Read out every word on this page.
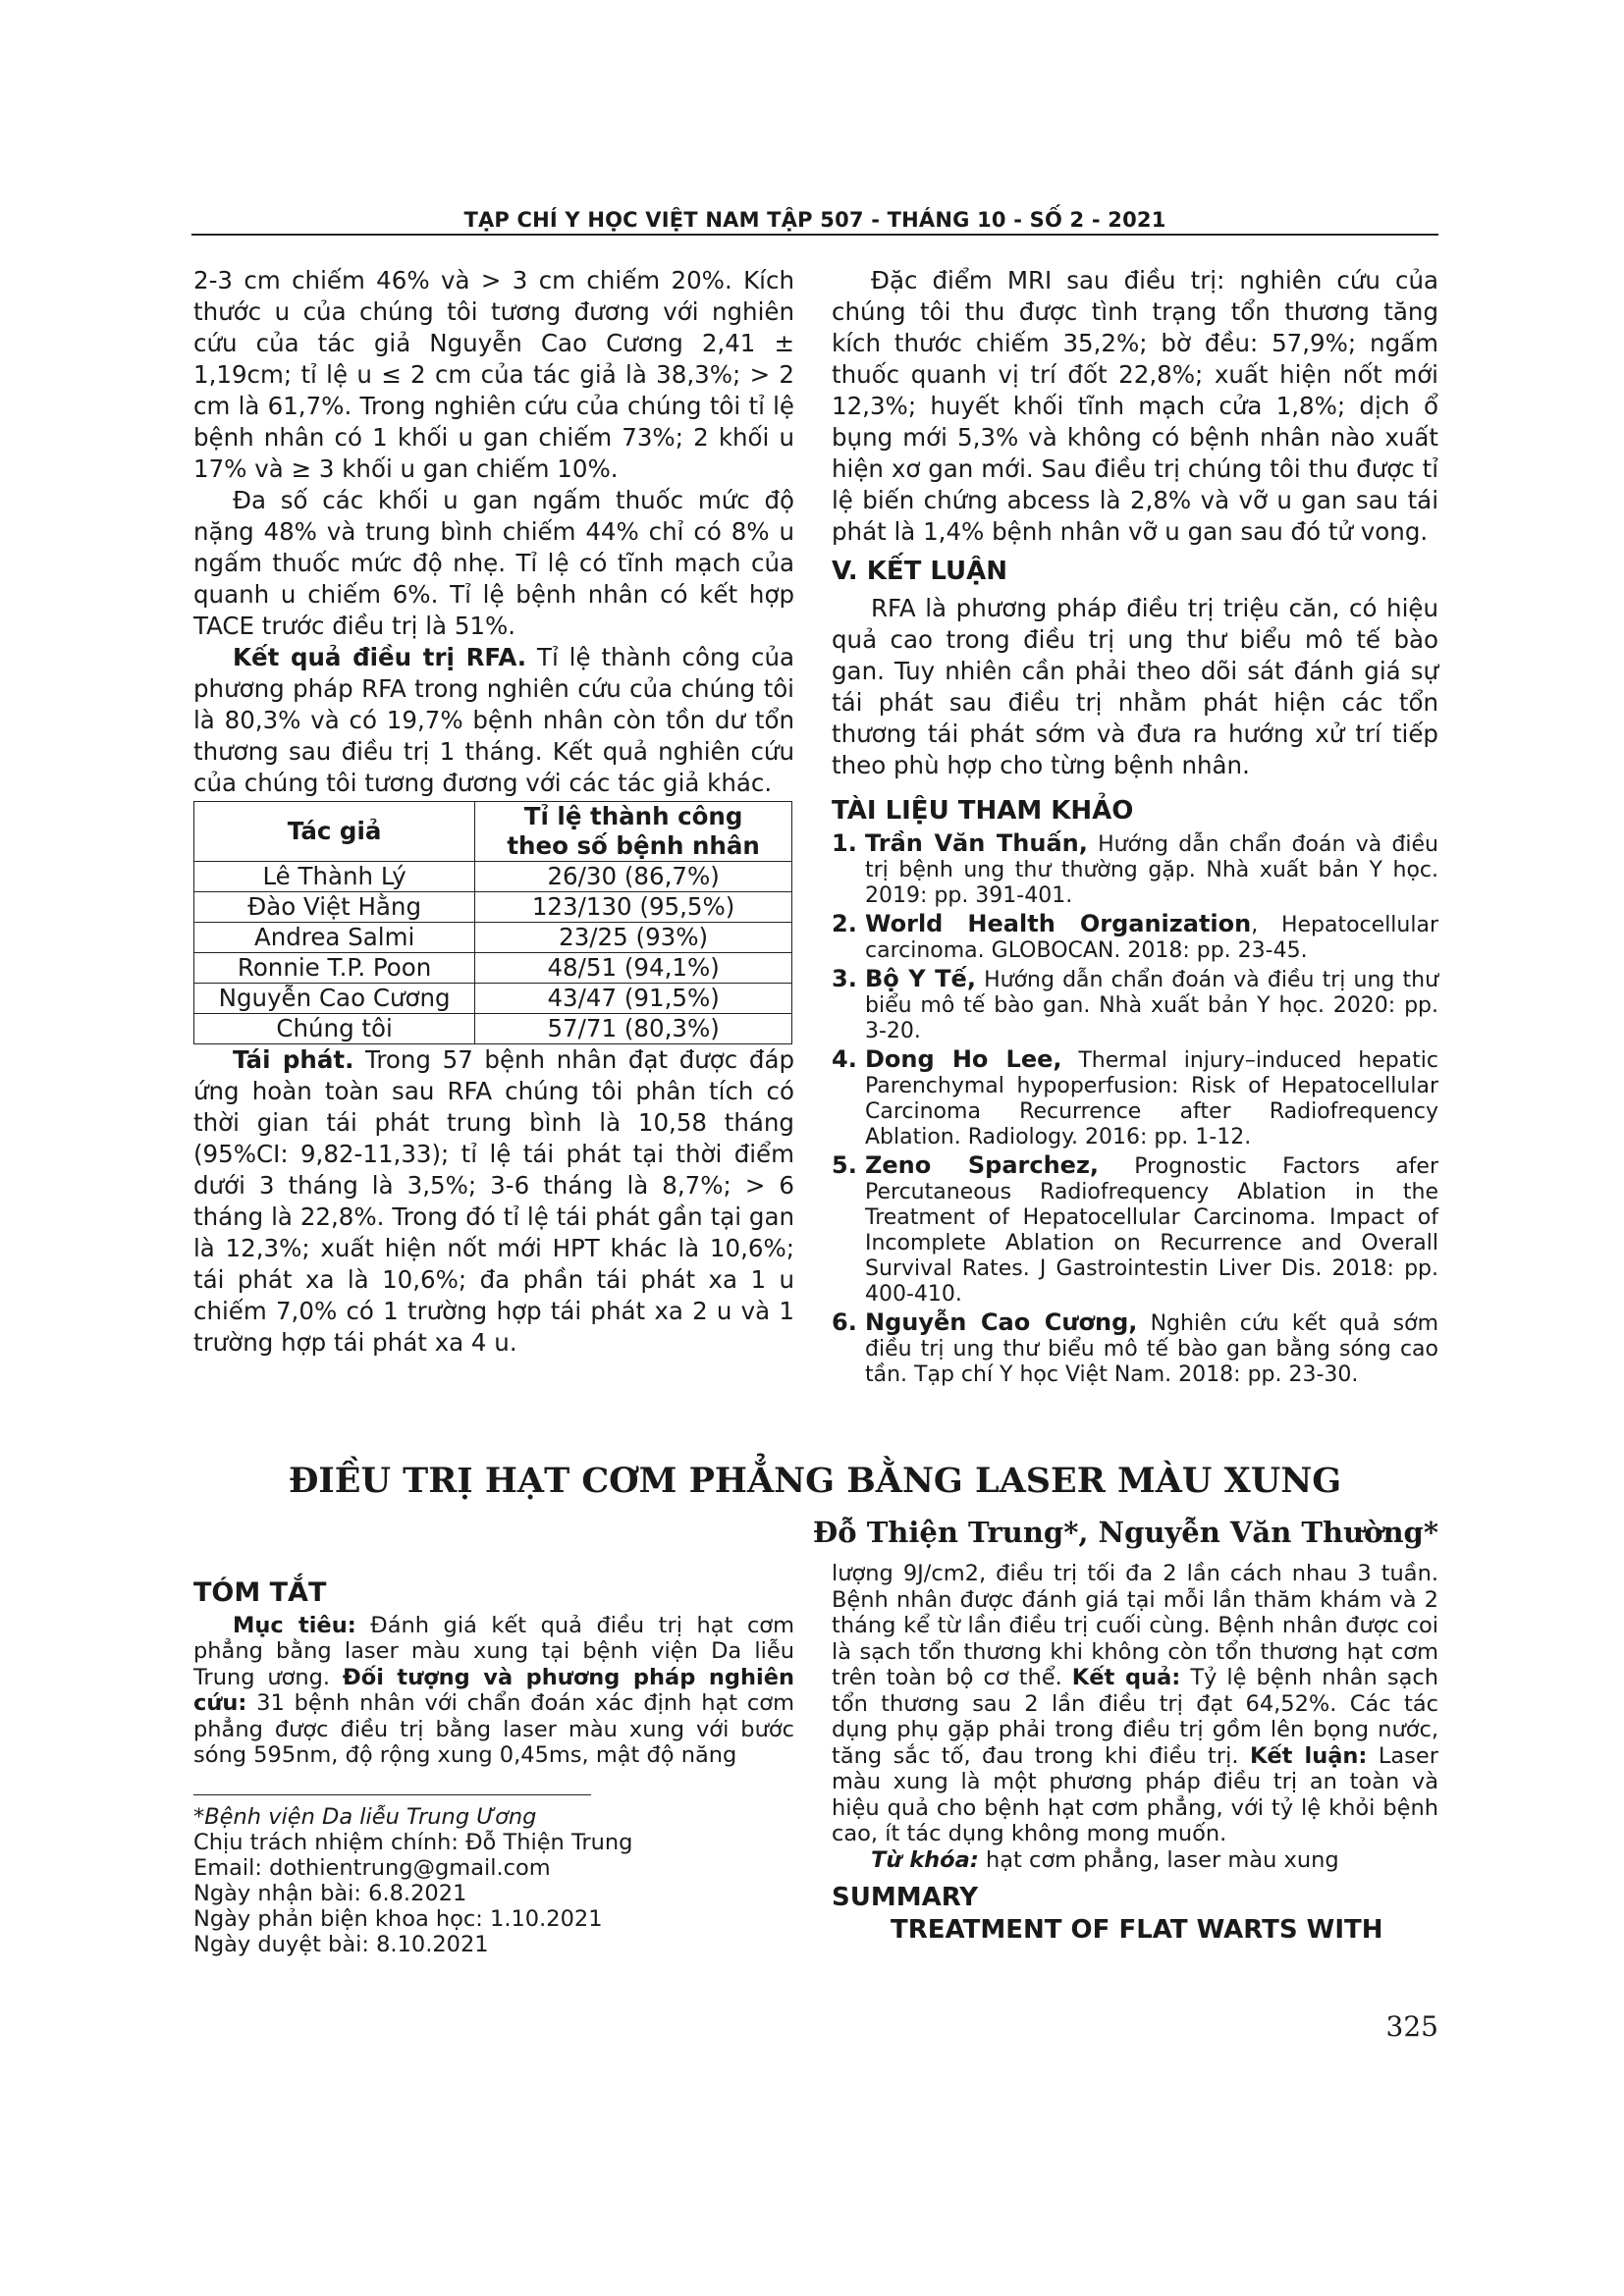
TẠP CHÍ Y HỌC VIỆT NAM TẬP 507 - THÁNG 10 - SỐ 2 - 2021

2-3 cm chiếm 46% và > 3 cm chiếm 20%. Kích thước u của chúng tôi tương đương với nghiên cứu của tác giả Nguyễn Cao Cương 2,41 ± 1,19cm; tỉ lệ u ≤ 2 cm của tác giả là 38,3%; > 2 cm là 61,7%. Trong nghiên cứu của chúng tôi tỉ lệ bệnh nhân có 1 khối u gan chiếm 73%; 2 khối u 17% và ≥ 3 khối u gan chiếm 10%.

Đa số các khối u gan ngấm thuốc mức độ nặng 48% và trung bình chiếm 44% chỉ có 8% u ngấm thuốc mức độ nhẹ. Tỉ lệ có tĩnh mạch của quanh u chiếm 6%. Tỉ lệ bệnh nhân có kết hợp TACE trước điều trị là 51%.

Kết quả điều trị RFA. Tỉ lệ thành công của phương pháp RFA trong nghiên cứu của chúng tôi là 80,3% và có 19,7% bệnh nhân còn tồn dư tổn thương sau điều trị 1 tháng. Kết quả nghiên cứu của chúng tôi tương đương với các tác giả khác.

Tác giả	Tỉ lệ thành công
theo số bệnh nhân
Lê Thành Lý	26/30 (86,7%)
Đào Việt Hằng	123/130 (95,5%)
Andrea Salmi	23/25 (93%)
Ronnie T.P. Poon	48/51 (94,1%)
Nguyễn Cao Cương	43/47 (91,5%)
Chúng tôi	57/71 (80,3%)

Tái phát. Trong 57 bệnh nhân đạt được đáp ứng hoàn toàn sau RFA chúng tôi phân tích có thời gian tái phát trung bình là 10,58 tháng (95%CI: 9,82-11,33); tỉ lệ tái phát tại thời điểm dưới 3 tháng là 3,5%; 3-6 tháng là 8,7%; > 6 tháng là 22,8%. Trong đó tỉ lệ tái phát gần tại gan là 12,3%; xuất hiện nốt mới HPT khác là 10,6%; tái phát xa là 10,6%; đa phần tái phát xa 1 u chiếm 7,0% có 1 trường hợp tái phát xa 2 u và 1 trường hợp tái phát xa 4 u.

Đặc điểm MRI sau điều trị: nghiên cứu của chúng tôi thu được tình trạng tổn thương tăng kích thước chiếm 35,2%; bờ đều: 57,9%; ngấm thuốc quanh vị trí đốt 22,8%; xuất hiện nốt mới 12,3%; huyết khối tĩnh mạch cửa 1,8%; dịch ổ bụng mới 5,3% và không có bệnh nhân nào xuất hiện xơ gan mới. Sau điều trị chúng tôi thu được tỉ lệ biến chứng abcess là 2,8% và vỡ u gan sau tái phát là 1,4% bệnh nhân vỡ u gan sau đó tử vong.

V. KẾT LUẬN

RFA là phương pháp điều trị triệu căn, có hiệu quả cao trong điều trị ung thư biểu mô tế bào gan. Tuy nhiên cần phải theo dõi sát đánh giá sự tái phát sau điều trị nhằm phát hiện các tổn thương tái phát sớm và đưa ra hướng xử trí tiếp theo phù hợp cho từng bệnh nhân.

TÀI LIỆU THAM KHẢO
1. Trần Văn Thuấn, Hướng dẫn chẩn đoán và điều trị bệnh ung thư thường gặp. Nhà xuất bản Y học. 2019: pp. 391-401.
2. World Health Organization, Hepatocellular carcinoma. GLOBOCAN. 2018: pp. 23-45.
3. Bộ Y Tế, Hướng dẫn chẩn đoán và điều trị ung thư biểu mô tế bào gan. Nhà xuất bản Y học. 2020: pp. 3-20.
4. Dong Ho Lee, Thermal injury–induced hepatic Parenchymal hypoperfusion: Risk of Hepatocellular Carcinoma Recurrence after Radiofrequency Ablation. Radiology. 2016: pp. 1-12.
5. Zeno Sparchez, Prognostic Factors afer Percutaneous Radiofrequency Ablation in the Treatment of Hepatocellular Carcinoma. Impact of Incomplete Ablation on Recurrence and Overall Survival Rates. J Gastrointestin Liver Dis. 2018: pp. 400-410.
6. Nguyễn Cao Cương, Nghiên cứu kết quả sớm điều trị ung thư biểu mô tế bào gan bằng sóng cao tần. Tạp chí Y học Việt Nam. 2018: pp. 23-30.
ĐIỀU TRỊ HẠT CƠM PHẲNG BẰNG LASER MÀU XUNG
Đỗ Thiện Trung*, Nguyễn Văn Thường*
TÓM TẮT

Mục tiêu: Đánh giá kết quả điều trị hạt cơm phẳng bằng laser màu xung tại bệnh viện Da liễu Trung ương. Đối tượng và phương pháp nghiên cứu: 31 bệnh nhân với chẩn đoán xác định hạt cơm phẳng được điều trị bằng laser màu xung với bước sóng 595nm, độ rộng xung 0,45ms, mật độ năng

*Bệnh viện Da liễu Trung Ương
Chịu trách nhiệm chính: Đỗ Thiện Trung
Email: dothientrung@gmail.com
Ngày nhận bài: 6.8.2021
Ngày phản biện khoa học: 1.10.2021
Ngày duyệt bài: 8.10.2021

lượng 9J/cm2, điều trị tối đa 2 lần cách nhau 3 tuần. Bệnh nhân được đánh giá tại mỗi lần thăm khám và 2 tháng kể từ lần điều trị cuối cùng. Bệnh nhân được coi là sạch tổn thương khi không còn tổn thương hạt cơm trên toàn bộ cơ thể. Kết quả: Tỷ lệ bệnh nhân sạch tổn thương sau 2 lần điều trị đạt 64,52%. Các tác dụng phụ gặp phải trong điều trị gồm lên bọng nước, tăng sắc tố, đau trong khi điều trị. Kết luận: Laser màu xung là một phương pháp điều trị an toàn và hiệu quả cho bệnh hạt cơm phẳng, với tỷ lệ khỏi bệnh cao, ít tác dụng không mong muốn.

Từ khóa: hạt cơm phẳng, laser màu xung

SUMMARY
TREATMENT OF FLAT WARTS WITH
325
